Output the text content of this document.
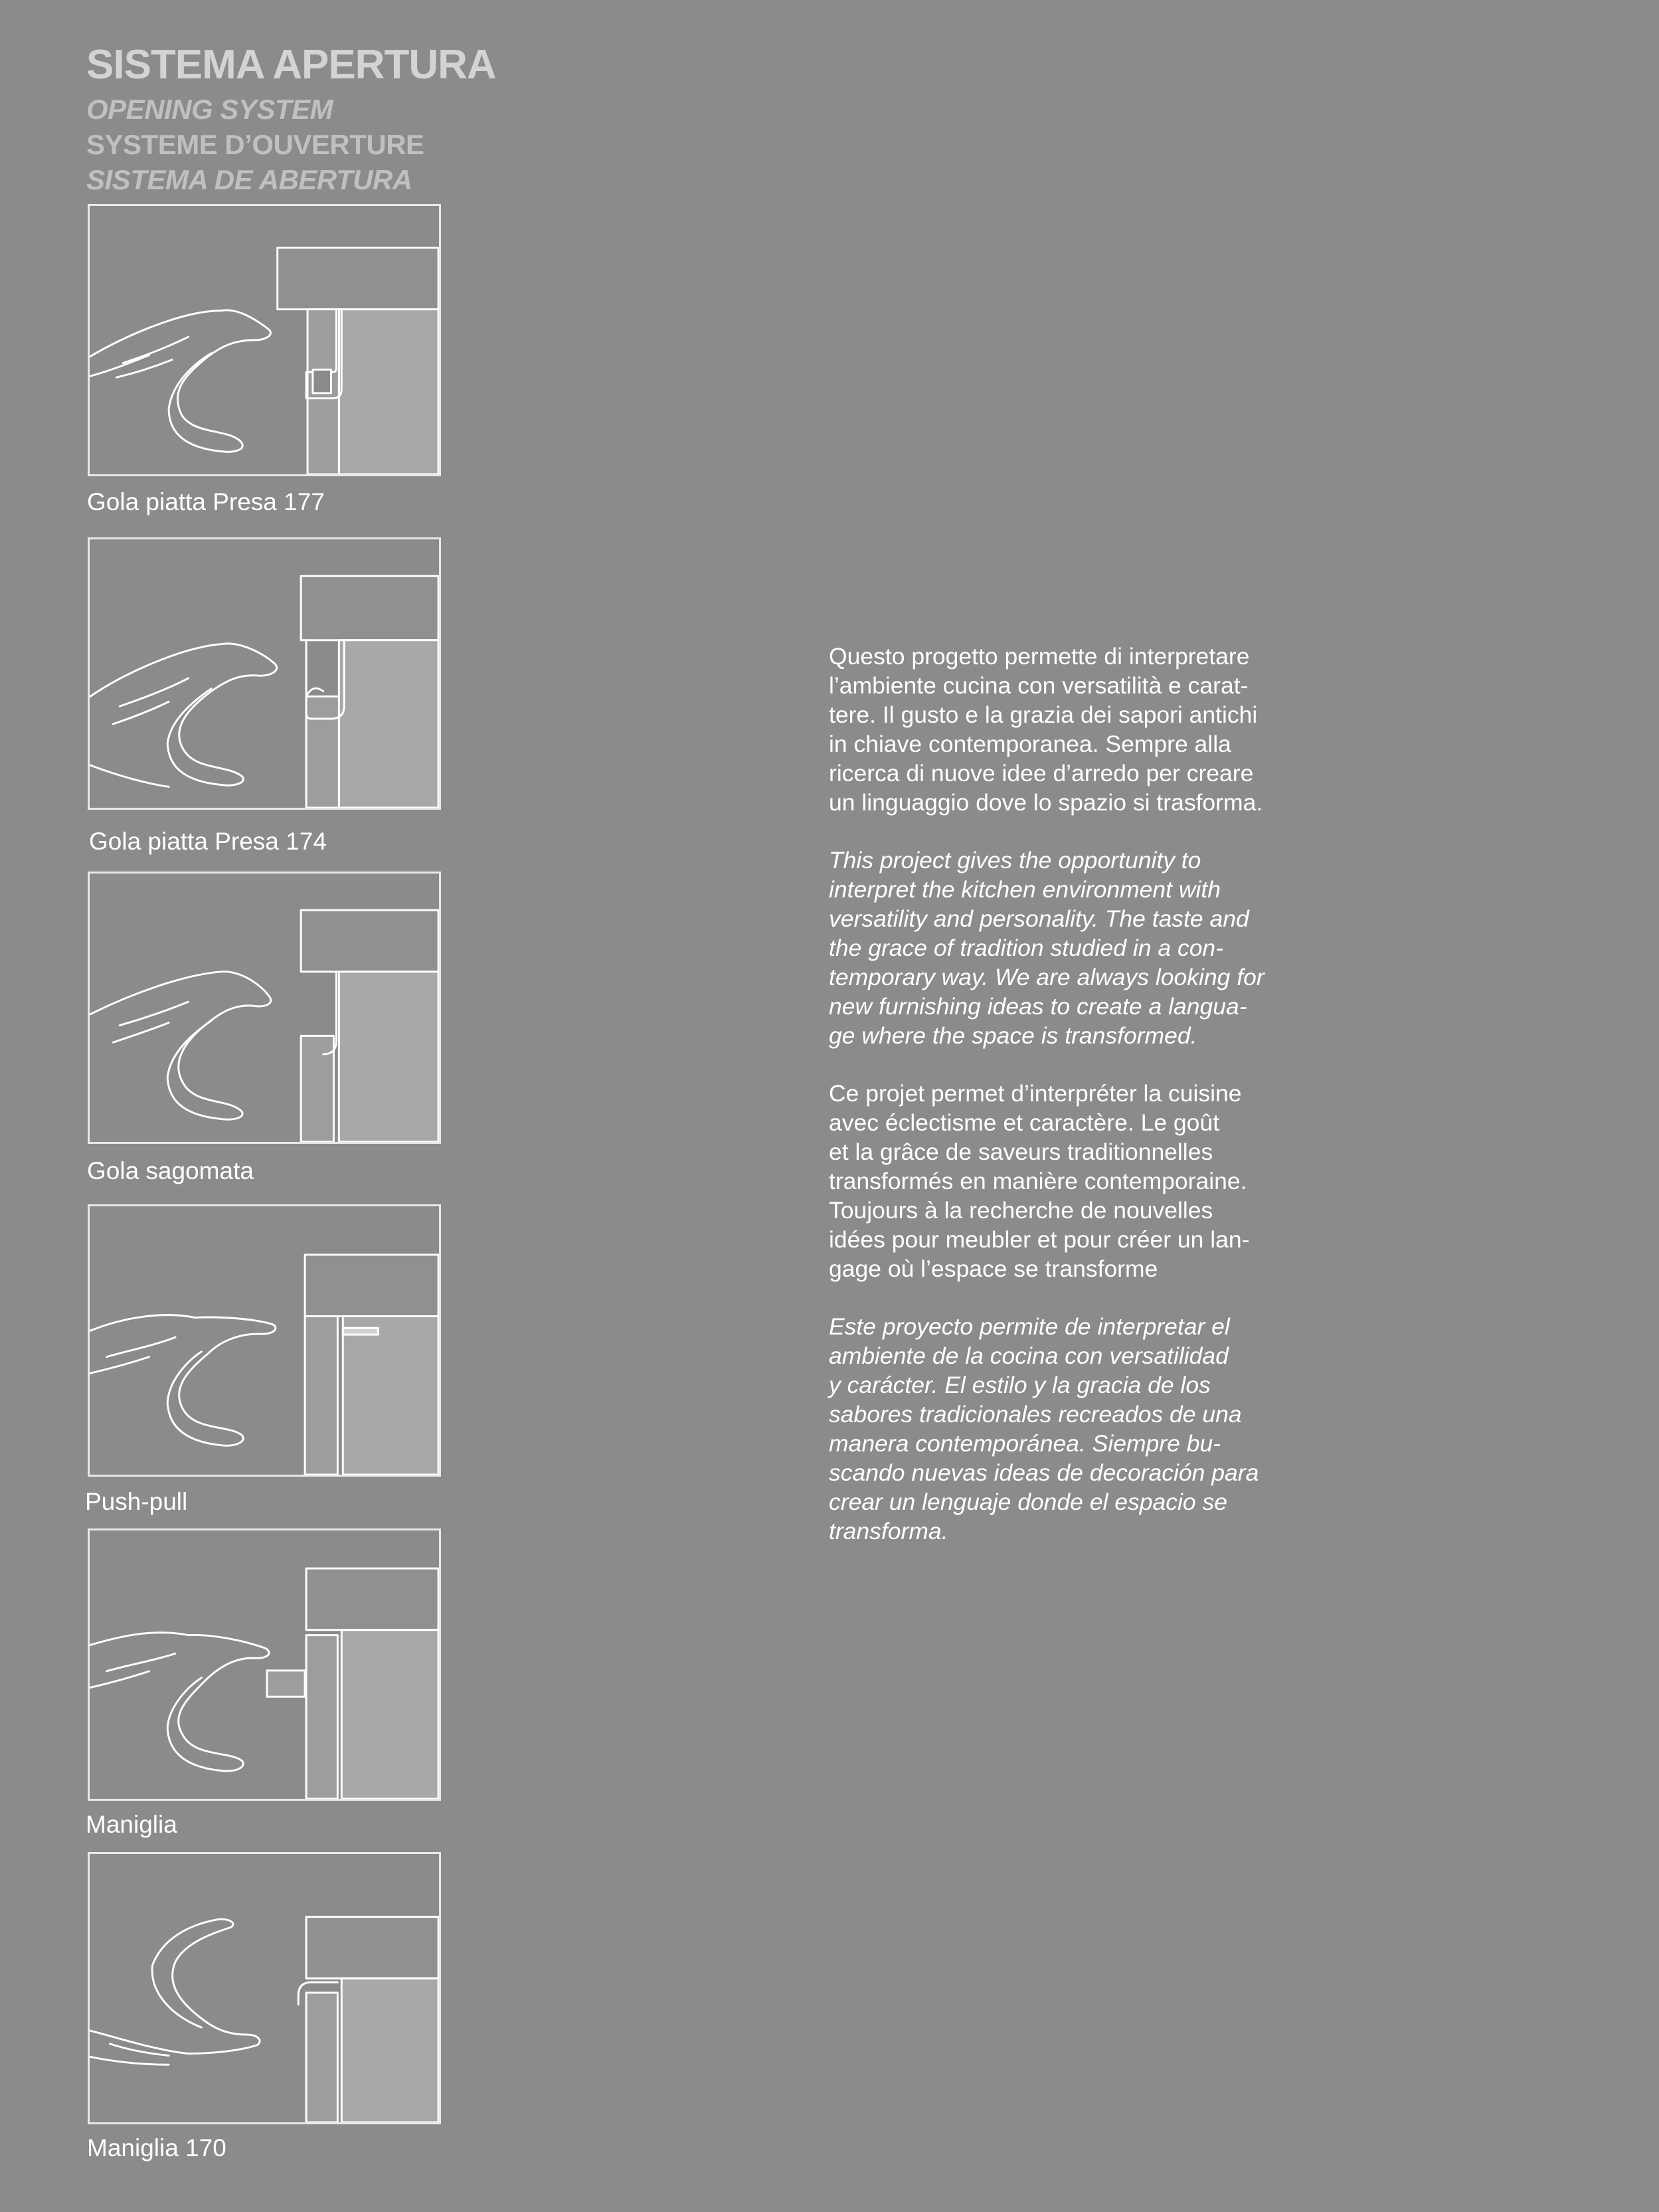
SISTEMA APERTURA
OPENING SYSTEM
SYSTEME D’OUVERTURE
SISTEMA DE ABERTURA
Gola piatta Presa 177
Gola piatta Presa 174
Gola sagomata
Push-pull
Maniglia
Maniglia 170

Questo progetto permette di interpretare
l’ambiente cucina con versatilità e carat-
tere. Il gusto e la grazia dei sapori antichi
in chiave contemporanea. Sempre alla
ricerca di nuove idee d’arredo per creare
un linguaggio dove lo spazio si trasforma.

This project gives the opportunity to
interpret the kitchen environment with
versatility and personality. The taste and
the grace of tradition studied in a con-
temporary way. We are always looking for
new furnishing ideas to create a langua-
ge where the space is transformed.

Ce projet permet d’interpréter la cuisine
avec éclectisme et caractère. Le goût
et la grâce de saveurs traditionnelles
transformés en manière contemporaine.
Toujours à la recherche de nouvelles
idées pour meubler et pour créer un lan-
gage où l’espace se transforme

Este proyecto permite de interpretar el
ambiente de la cocina con versatilidad
y carácter. El estilo y la gracia de los
sabores tradicionales recreados de una
manera contemporánea. Siempre bu-
scando nuevas ideas de decoración para
crear un lenguaje donde el espacio se
transforma.
